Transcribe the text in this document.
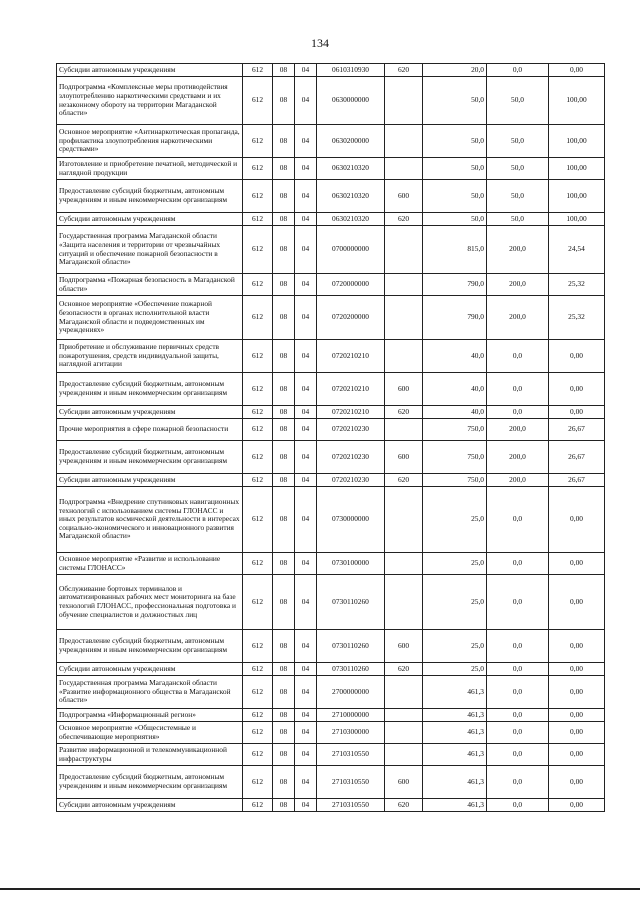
134
Субсидии автономным учреждениям	612	08	04	0610310930	620	20,0	0,0	0,00
Подпрограмма «Комплексные меры противодействия злоупотреблению наркотическими средствами и их незаконному обороту на территории Магаданской области»	612	08	04	0630000000		50,0	50,0	100,00
Основное мероприятие «Антинаркотическая пропаганда, профилактика злоупотребления наркотическими средствами»	612	08	04	0630200000		50,0	50,0	100,00
Изготовление и приобретение печатной, методической и наглядной продукции	612	08	04	0630210320		50,0	50,0	100,00
Предоставление субсидий бюджетным, автономным учреждениям и иным некоммерческим организациям	612	08	04	0630210320	600	50,0	50,0	100,00
Субсидии автономным учреждениям	612	08	04	0630210320	620	50,0	50,0	100,00
Государственная программа Магаданской области «Защита населения и территории от чрезвычайных ситуаций и обеспечение пожарной безопасности в Магаданской области»	612	08	04	0700000000		815,0	200,0	24,54
Подпрограмма «Пожарная безопасность в Магаданской области»	612	08	04	0720000000		790,0	200,0	25,32
Основное мероприятие «Обеспечение пожарной безопасности в органах исполнительной власти Магаданской области и подведомственных им учреждениях»	612	08	04	0720200000		790,0	200,0	25,32
Приобретение и обслуживание первичных средств пожаротушения, средств индивидуальной защиты, наглядной агитации	612	08	04	0720210210		40,0	0,0	0,00
Предоставление субсидий бюджетным, автономным учреждениям и иным некоммерческим организациям	612	08	04	0720210210	600	40,0	0,0	0,00
Субсидии автономным учреждениям	612	08	04	0720210210	620	40,0	0,0	0,00
Прочие мероприятия в сфере пожарной безопасности	612	08	04	0720210230		750,0	200,0	26,67
Предоставление субсидий бюджетным, автономным учреждениям и иным некоммерческим организациям	612	08	04	0720210230	600	750,0	200,0	26,67
Субсидии автономным учреждениям	612	08	04	0720210230	620	750,0	200,0	26,67
Подпрограмма «Внедрение спутниковых навигационных технологий с использованием системы ГЛОНАСС и иных результатов космической деятельности в интересах социально-экономического и инновационного развития Магаданской области»	612	08	04	0730000000		25,0	0,0	0,00
Основное мероприятие «Развитие и использование системы ГЛОНАСС»	612	08	04	0730100000		25,0	0,0	0,00
Обслуживание бортовых терминалов и автоматизированных рабочих мест мониторинга на базе технологий ГЛОНАСС, профессиональная подготовка и обучение специалистов и должностных лиц	612	08	04	0730110260		25,0	0,0	0,00
Предоставление субсидий бюджетным, автономным учреждениям и иным некоммерческим организациям	612	08	04	0730110260	600	25,0	0,0	0,00
Субсидии автономным учреждениям	612	08	04	0730110260	620	25,0	0,0	0,00
Государственная программа Магаданской области «Развитие информационного общества в Магаданской области»	612	08	04	2700000000		461,3	0,0	0,00
Подпрограмма «Информационный регион»	612	08	04	2710000000		461,3	0,0	0,00
Основное мероприятие «Общесистемные и обеспечивающие мероприятия»	612	08	04	2710300000		461,3	0,0	0,00
Развитие информационной и телекоммуникационной инфраструктуры	612	08	04	2710310550		461,3	0,0	0,00
Предоставление субсидий бюджетным, автономным учреждениям и иным некоммерческим организациям	612	08	04	2710310550	600	461,3	0,0	0,00
Субсидии автономным учреждениям	612	08	04	2710310550	620	461,3	0,0	0,00
